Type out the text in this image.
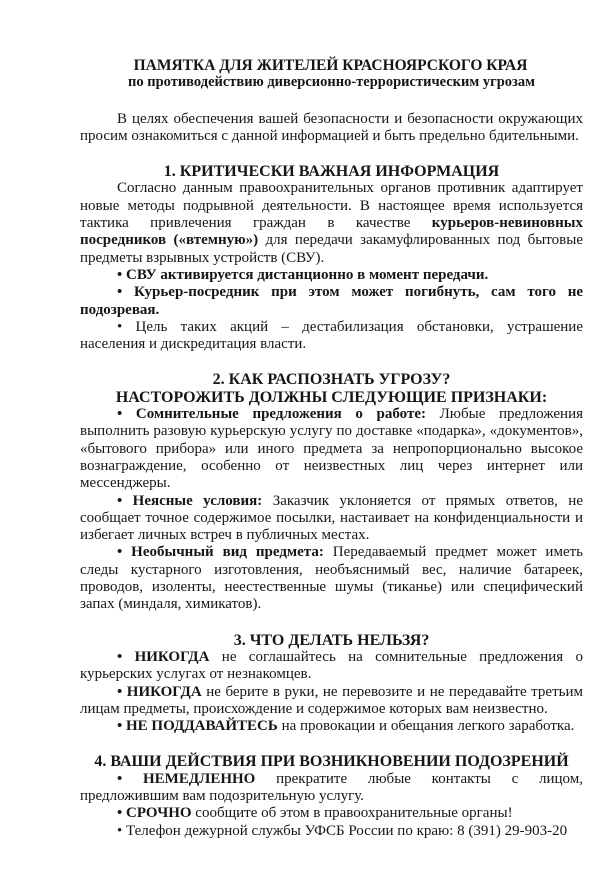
ПАМЯТКА ДЛЯ ЖИТЕЛЕЙ КРАСНОЯРСКОГО КРАЯ
по противодействию диверсионно-террористическим угрозам

В целях обеспечения вашей безопасности и безопасности окружающих просим ознакомиться с данной информацией и быть предельно бдительными.

1. КРИТИЧЕСКИ ВАЖНАЯ ИНФОРМАЦИЯ

Согласно данным правоохранительных органов противник адаптирует новые методы подрывной деятельности. В настоящее время используется тактика привлечения граждан в качестве курьеров-невиновных посредников («втемную») для передачи закамуфлированных под бытовые предметы взрывных устройств (СВУ).

• СВУ активируется дистанционно в момент передачи.

• Курьер-посредник при этом может погибнуть, сам того не подозревая.

• Цель таких акций – дестабилизация обстановки, устрашение населения и дискредитация власти.

2. КАК РАСПОЗНАТЬ УГРОЗУ?
НАСТОРОЖИТЬ ДОЛЖНЫ СЛЕДУЮЩИЕ ПРИЗНАКИ:

• Сомнительные предложения о работе: Любые предложения выполнить разовую курьерскую услугу по доставке «подарка», «документов», «бытового прибора» или иного предмета за непропорционально высокое вознаграждение, особенно от неизвестных лиц через интернет или мессенджеры.

• Неясные условия: Заказчик уклоняется от прямых ответов, не сообщает точное содержимое посылки, настаивает на конфиденциальности и избегает личных встреч в публичных местах.

• Необычный вид предмета: Передаваемый предмет может иметь следы кустарного изготовления, необъяснимый вес, наличие батареек, проводов, изоленты, неестественные шумы (тиканье) или специфический запах (миндаля, химикатов).

3. ЧТО ДЕЛАТЬ НЕЛЬЗЯ?

• НИКОГДА не соглашайтесь на сомнительные предложения о курьерских услугах от незнакомцев.

• НИКОГДА не берите в руки, не перевозите и не передавайте третьим лицам предметы, происхождение и содержимое которых вам неизвестно.

• НЕ ПОДДАВАЙТЕСЬ на провокации и обещания легкого заработка.

4. ВАШИ ДЕЙСТВИЯ ПРИ ВОЗНИКНОВЕНИИ ПОДОЗРЕНИЙ

• НЕМЕДЛЕННО прекратите любые контакты с лицом, предложившим вам подозрительную услугу.

• СРОЧНО сообщите об этом в правоохранительные органы!

• Телефон дежурной службы УФСБ России по краю: 8 (391) 29-903-20
